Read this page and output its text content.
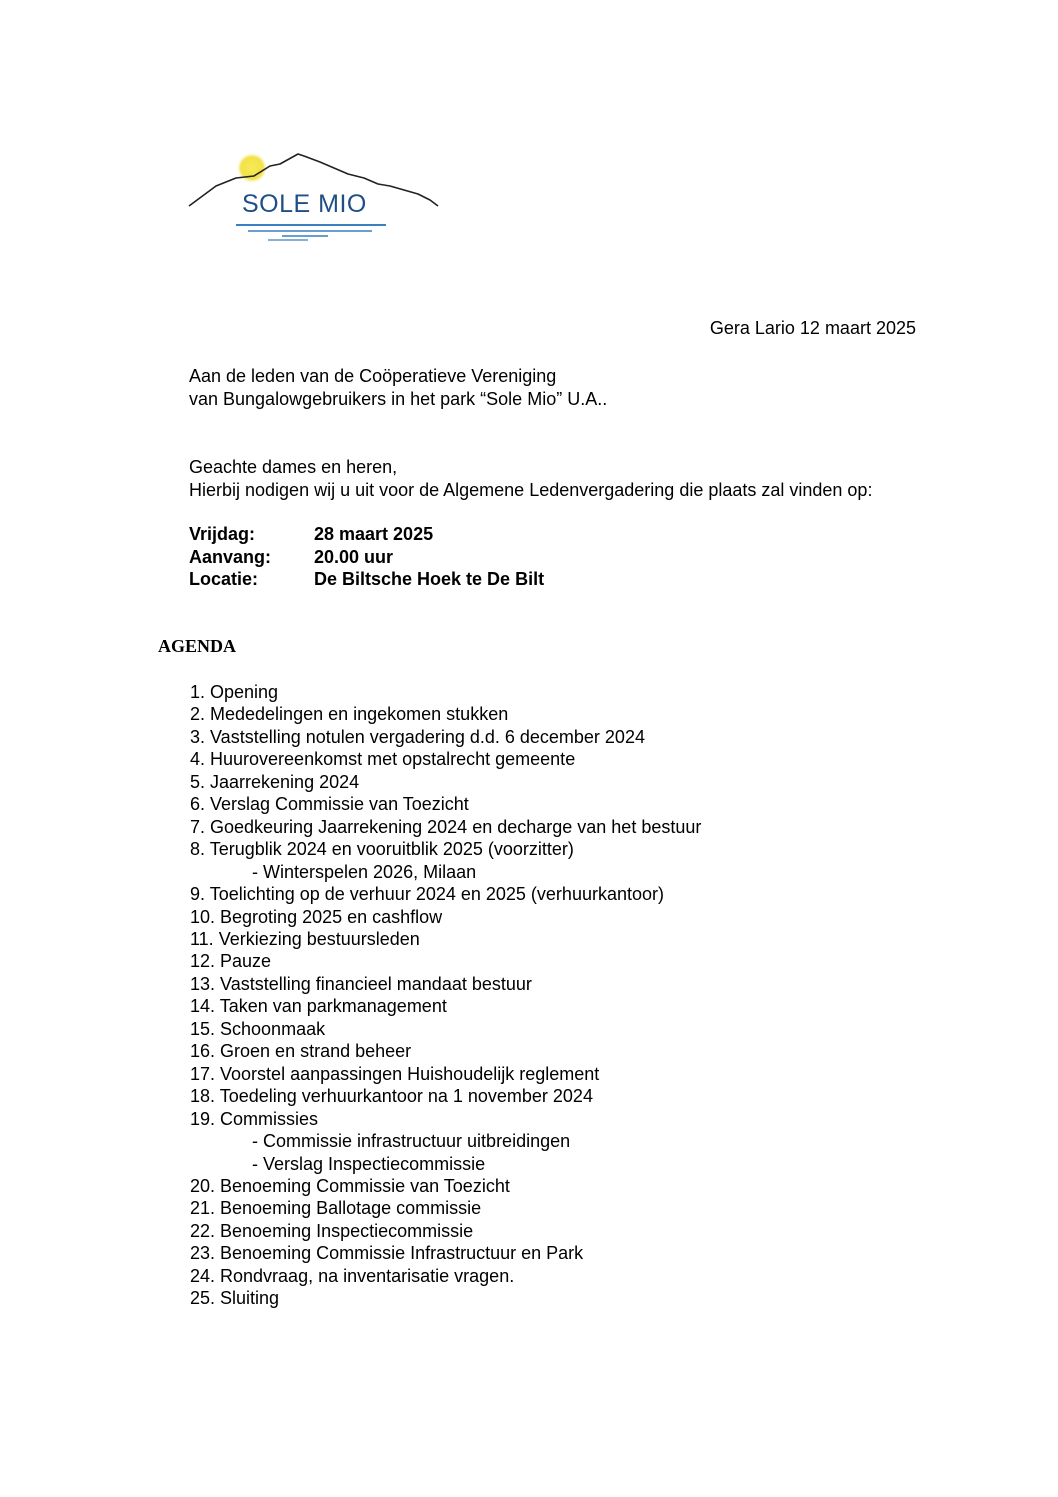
SOLE MIO
Gera Lario 12 maart 2025
Aan de leden van de Coöperatieve Vereniging
van Bungalowgebruikers in het park “Sole Mio” U.A..
Geachte dames en heren,
Hierbij nodigen wij u uit voor de Algemene Ledenvergadering die plaats zal vinden op:
Vrijdag:	28 maart 2025
Aanvang:	20.00 uur
Locatie:	De Biltsche Hoek te De Bilt
AGENDA
1. Opening
2. Mededelingen en ingekomen stukken
3. Vaststelling notulen vergadering d.d. 6 december 2024
4. Huurovereenkomst met opstalrecht gemeente
5. Jaarrekening 2024
6. Verslag Commissie van Toezicht
7. Goedkeuring Jaarrekening 2024 en decharge van het bestuur
8. Terugblik 2024 en vooruitblik 2025 (voorzitter)
- Winterspelen 2026, Milaan
9. Toelichting op de verhuur 2024 en 2025 (verhuurkantoor)
10. Begroting 2025 en cashflow
11. Verkiezing bestuursleden
12. Pauze
13. Vaststelling financieel mandaat bestuur
14. Taken van parkmanagement
15. Schoonmaak
16. Groen en strand beheer
17. Voorstel aanpassingen Huishoudelijk reglement
18. Toedeling verhuurkantoor na 1 november 2024
19. Commissies
- Commissie infrastructuur uitbreidingen
- Verslag Inspectiecommissie
20. Benoeming Commissie van Toezicht
21. Benoeming Ballotage commissie
22. Benoeming Inspectiecommissie
23. Benoeming Commissie Infrastructuur en Park
24. Rondvraag, na inventarisatie vragen.
25. Sluiting
